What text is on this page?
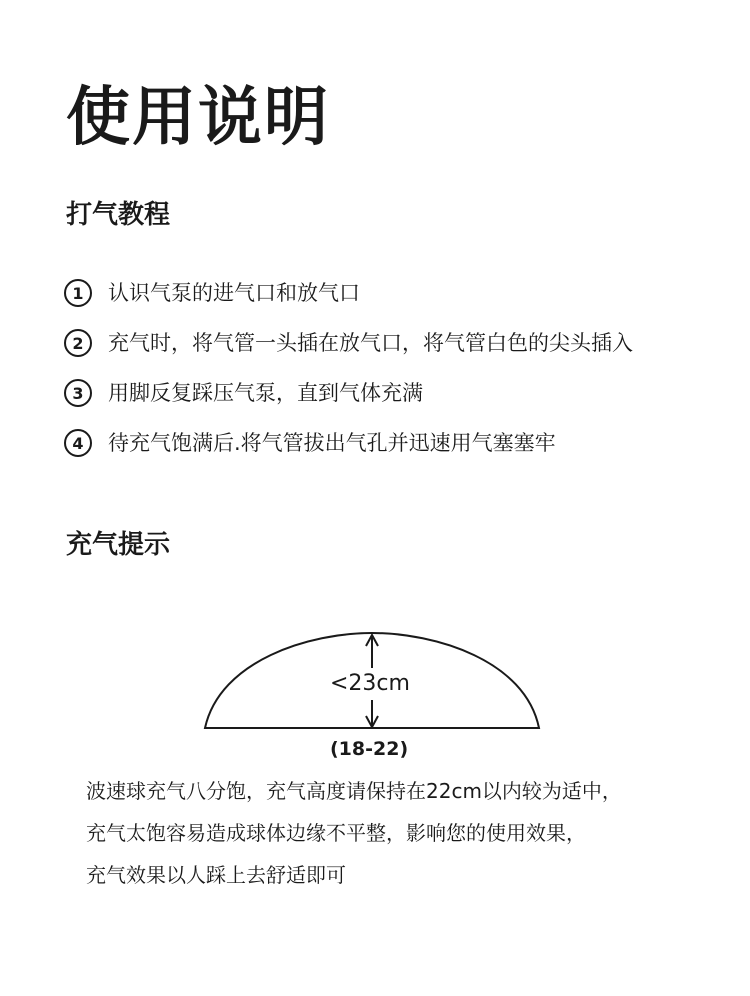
使用说明
打气教程
1	认识气泵的进气口和放气口
2	充气时，将气管一头插在放气口，将气管白色的尖头插入
3	用脚反复踩压气泵，直到气体充满
4	待充气饱满后.将气管拔出气孔并迅速用气塞塞牢
充气提示
<23cm
(18-22)
波速球充气八分饱，充气高度请保持在22cm以内较为适中，
充气太饱容易造成球体边缘不平整，影响您的使用效果，
充气效果以人踩上去舒适即可
